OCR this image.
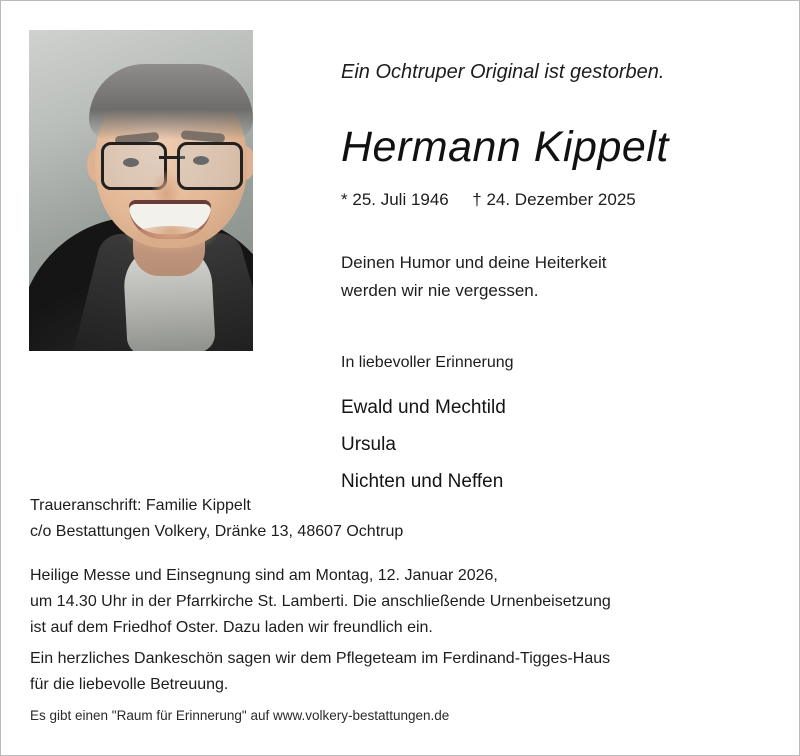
Ein Ochtruper Original ist gestorben.
Hermann Kippelt
* 25. Juli 1946 † 24. Dezember 2025
Deinen Humor und deine Heiterkeit
werden wir nie vergessen.
In liebevoller Erinnerung
Ewald und Mechtild
Ursula
Nichten und Neffen
Traueranschrift: Familie Kippelt
c/o Bestattungen Volkery, Dränke 13, 48607 Ochtrup
Heilige Messe und Einsegnung sind am Montag, 12. Januar 2026,
um 14.30 Uhr in der Pfarrkirche St. Lamberti. Die anschließende Urnenbeisetzung
ist auf dem Friedhof Oster. Dazu laden wir freundlich ein.
Ein herzliches Dankeschön sagen wir dem Pflegeteam im Ferdinand-Tigges-Haus
für die liebevolle Betreuung.
Es gibt einen "Raum für Erinnerung" auf www.volkery-bestattungen.de
